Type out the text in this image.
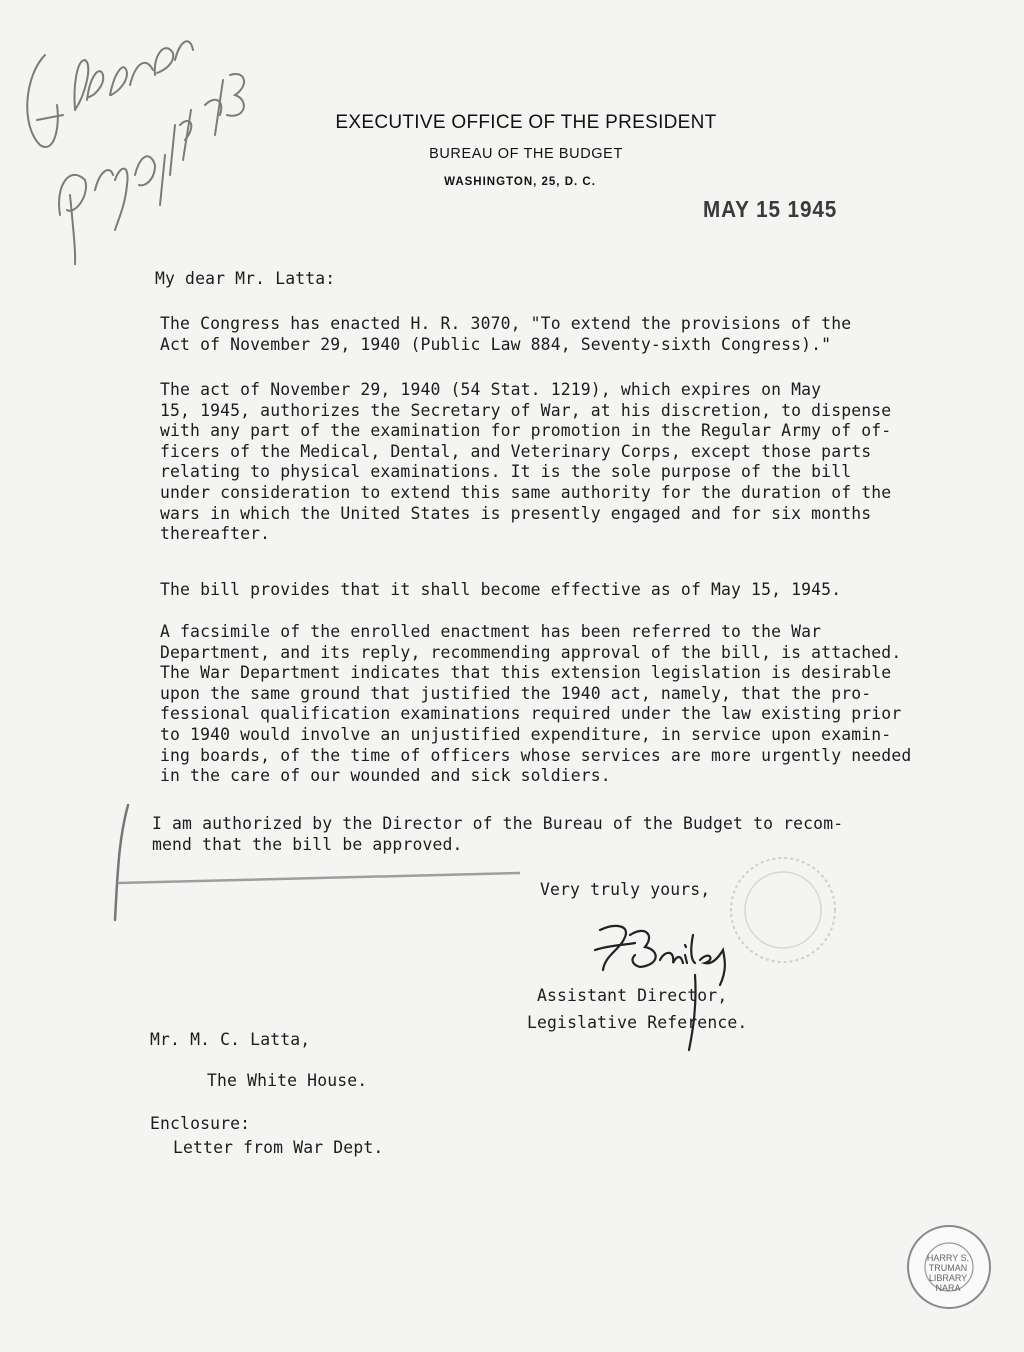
EXECUTIVE OFFICE OF THE PRESIDENT
BUREAU OF THE BUDGET
WASHINGTON, 25, D. C.
MAY 15 1945
My dear Mr. Latta:
The Congress has enacted H. R. 3070, "To extend the provisions of the
Act of November 29, 1940 (Public Law 884, Seventy-sixth Congress)."
The act of November 29, 1940 (54 Stat. 1219), which expires on May
15, 1945, authorizes the Secretary of War, at his discretion, to dispense
with any part of the examination for promotion in the Regular Army of of-
ficers of the Medical, Dental, and Veterinary Corps, except those parts
relating to physical examinations. It is the sole purpose of the bill
under consideration to extend this same authority for the duration of the
wars in which the United States is presently engaged and for six months
thereafter.
The bill provides that it shall become effective as of May 15, 1945.
A facsimile of the enrolled enactment has been referred to the War
Department, and its reply, recommending approval of the bill, is attached.
The War Department indicates that this extension legislation is desirable
upon the same ground that justified the 1940 act, namely, that the pro-
fessional qualification examinations required under the law existing prior
to 1940 would involve an unjustified expenditure, in service upon examin-
ing boards, of the time of officers whose services are more urgently needed
in the care of our wounded and sick soldiers.
I am authorized by the Director of the Bureau of the Budget to recom-
mend that the bill be approved.
Very truly yours,
Assistant Director,
Legislative Reference.
Mr. M. C. Latta,
The White House.
Enclosure:
Letter from War Dept.
HARRY S. TRUMAN LIBRARY NARA
